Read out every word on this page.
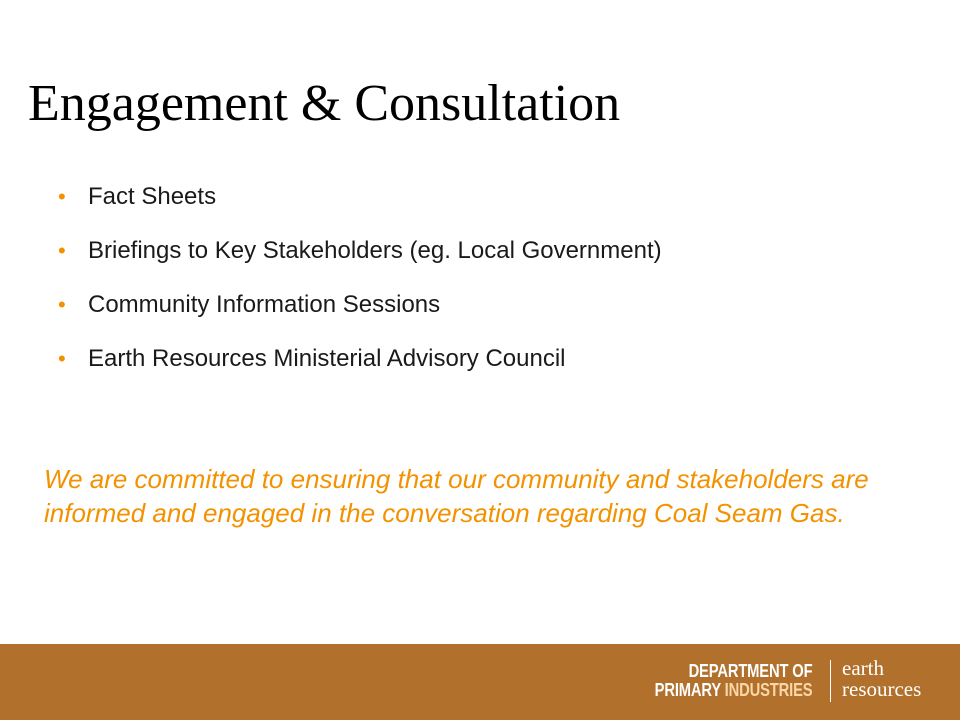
Engagement & Consultation
• Fact Sheets
• Briefings to Key Stakeholders (eg. Local Government)
• Community Information Sessions
• Earth Resources Ministerial Advisory Council
We are committed to ensuring that our community and stakeholders are informed and engaged in the conversation regarding Coal Seam Gas.
DEPARTMENT OF
PRIMARY INDUSTRIES
earth
resources
